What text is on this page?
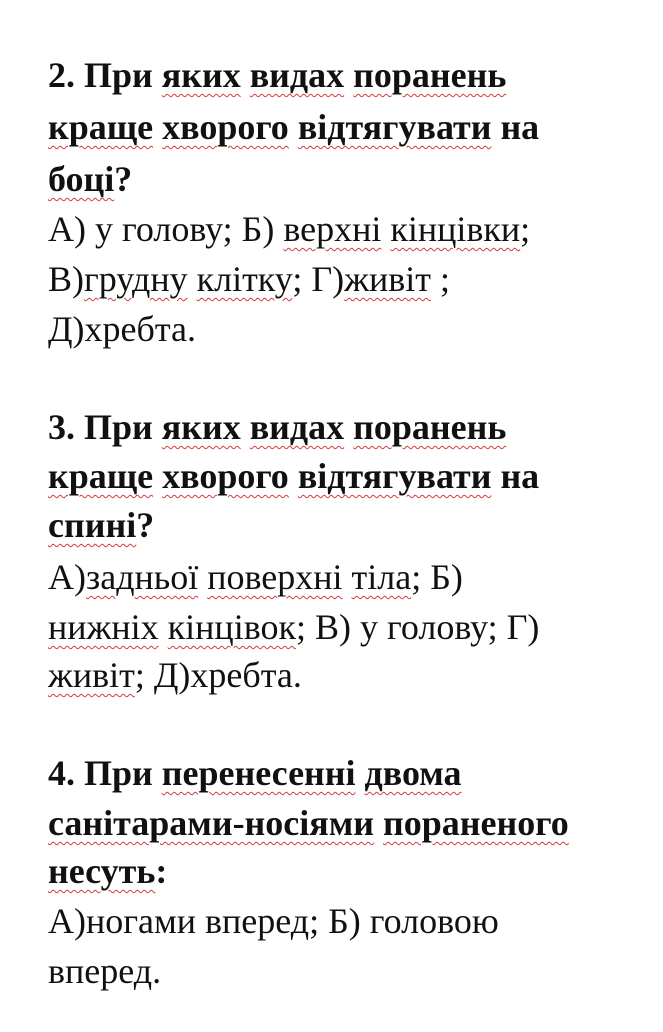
2. При яких видах поранень
краще хворого відтягувати на
боці?
А) у голову; Б) верхні кінцівки;
В)грудну клітку; Г)живіт ;
Д)хребта.
3. При яких видах поранень
краще хворого відтягувати на
спині?
А)задньої поверхні тіла; Б)
нижніх кінцівок; В) у голову; Г)
живіт; Д)хребта.
4. При перенесенні двома
санітарами-носіями пораненого
несуть:
А)ногами вперед; Б) головою
вперед.
